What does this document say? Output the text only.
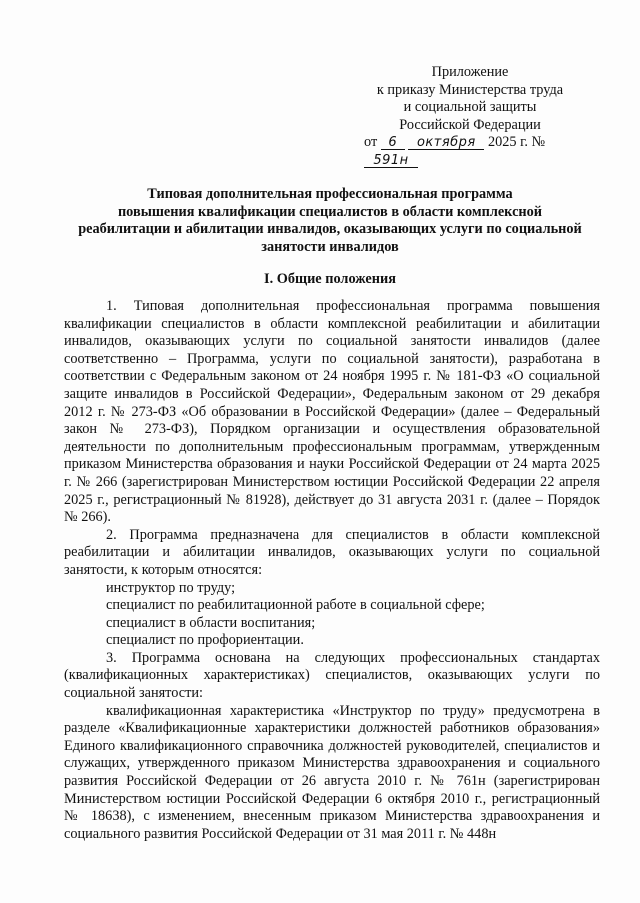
Приложение
к приказу Министерства труда
и социальной защиты
Российской Федерации
от 6 октября 2025 г. № 591н
Типовая дополнительная профессиональная программа
повышения квалификации специалистов в области комплексной
реабилитации и абилитации инвалидов, оказывающих услуги по социальной
занятости инвалидов
I. Общие положения

1. Типовая дополнительная профессиональная программа повышения квалификации специалистов в области комплексной реабилитации и абилитации инвалидов, оказывающих услуги по социальной занятости инвалидов (далее соответственно – Программа, услуги по социальной занятости), разработана в соответствии с Федеральным законом от 24 ноября 1995 г. № 181-ФЗ «О социальной защите инвалидов в Российской Федерации», Федеральным законом от 29 декабря 2012 г. № 273-ФЗ «Об образовании в Российской Федерации» (далее – Федеральный закон № 273-ФЗ), Порядком организации и осуществления образовательной деятельности по дополнительным профессиональным программам, утвержденным приказом Министерства образования и науки Российской Федерации от 24 марта 2025 г. № 266 (зарегистрирован Министерством юстиции Российской Федерации 22 апреля 2025 г., регистрационный № 81928), действует до 31 августа 2031 г. (далее – Порядок № 266).

2. Программа предназначена для специалистов в области комплексной реабилитации и абилитации инвалидов, оказывающих услуги по социальной занятости, к которым относятся:

инструктор по труду;

специалист по реабилитационной работе в социальной сфере;

специалист в области воспитания;

специалист по профориентации.

3. Программа основана на следующих профессиональных стандартах (квалификационных характеристиках) специалистов, оказывающих услуги по социальной занятости:

квалификационная характеристика «Инструктор по труду» предусмотрена в разделе «Квалификационные характеристики должностей работников образования» Единого квалификационного справочника должностей руководителей, специалистов и служащих, утвержденного приказом Министерства здравоохранения и социального развития Российской Федерации от 26 августа 2010 г. № 761н (зарегистрирован Министерством юстиции Российской Федерации 6 октября 2010 г., регистрационный № 18638), с изменением, внесенным приказом Министерства здравоохранения и социального развития Российской Федерации от 31 мая 2011 г. № 448н
